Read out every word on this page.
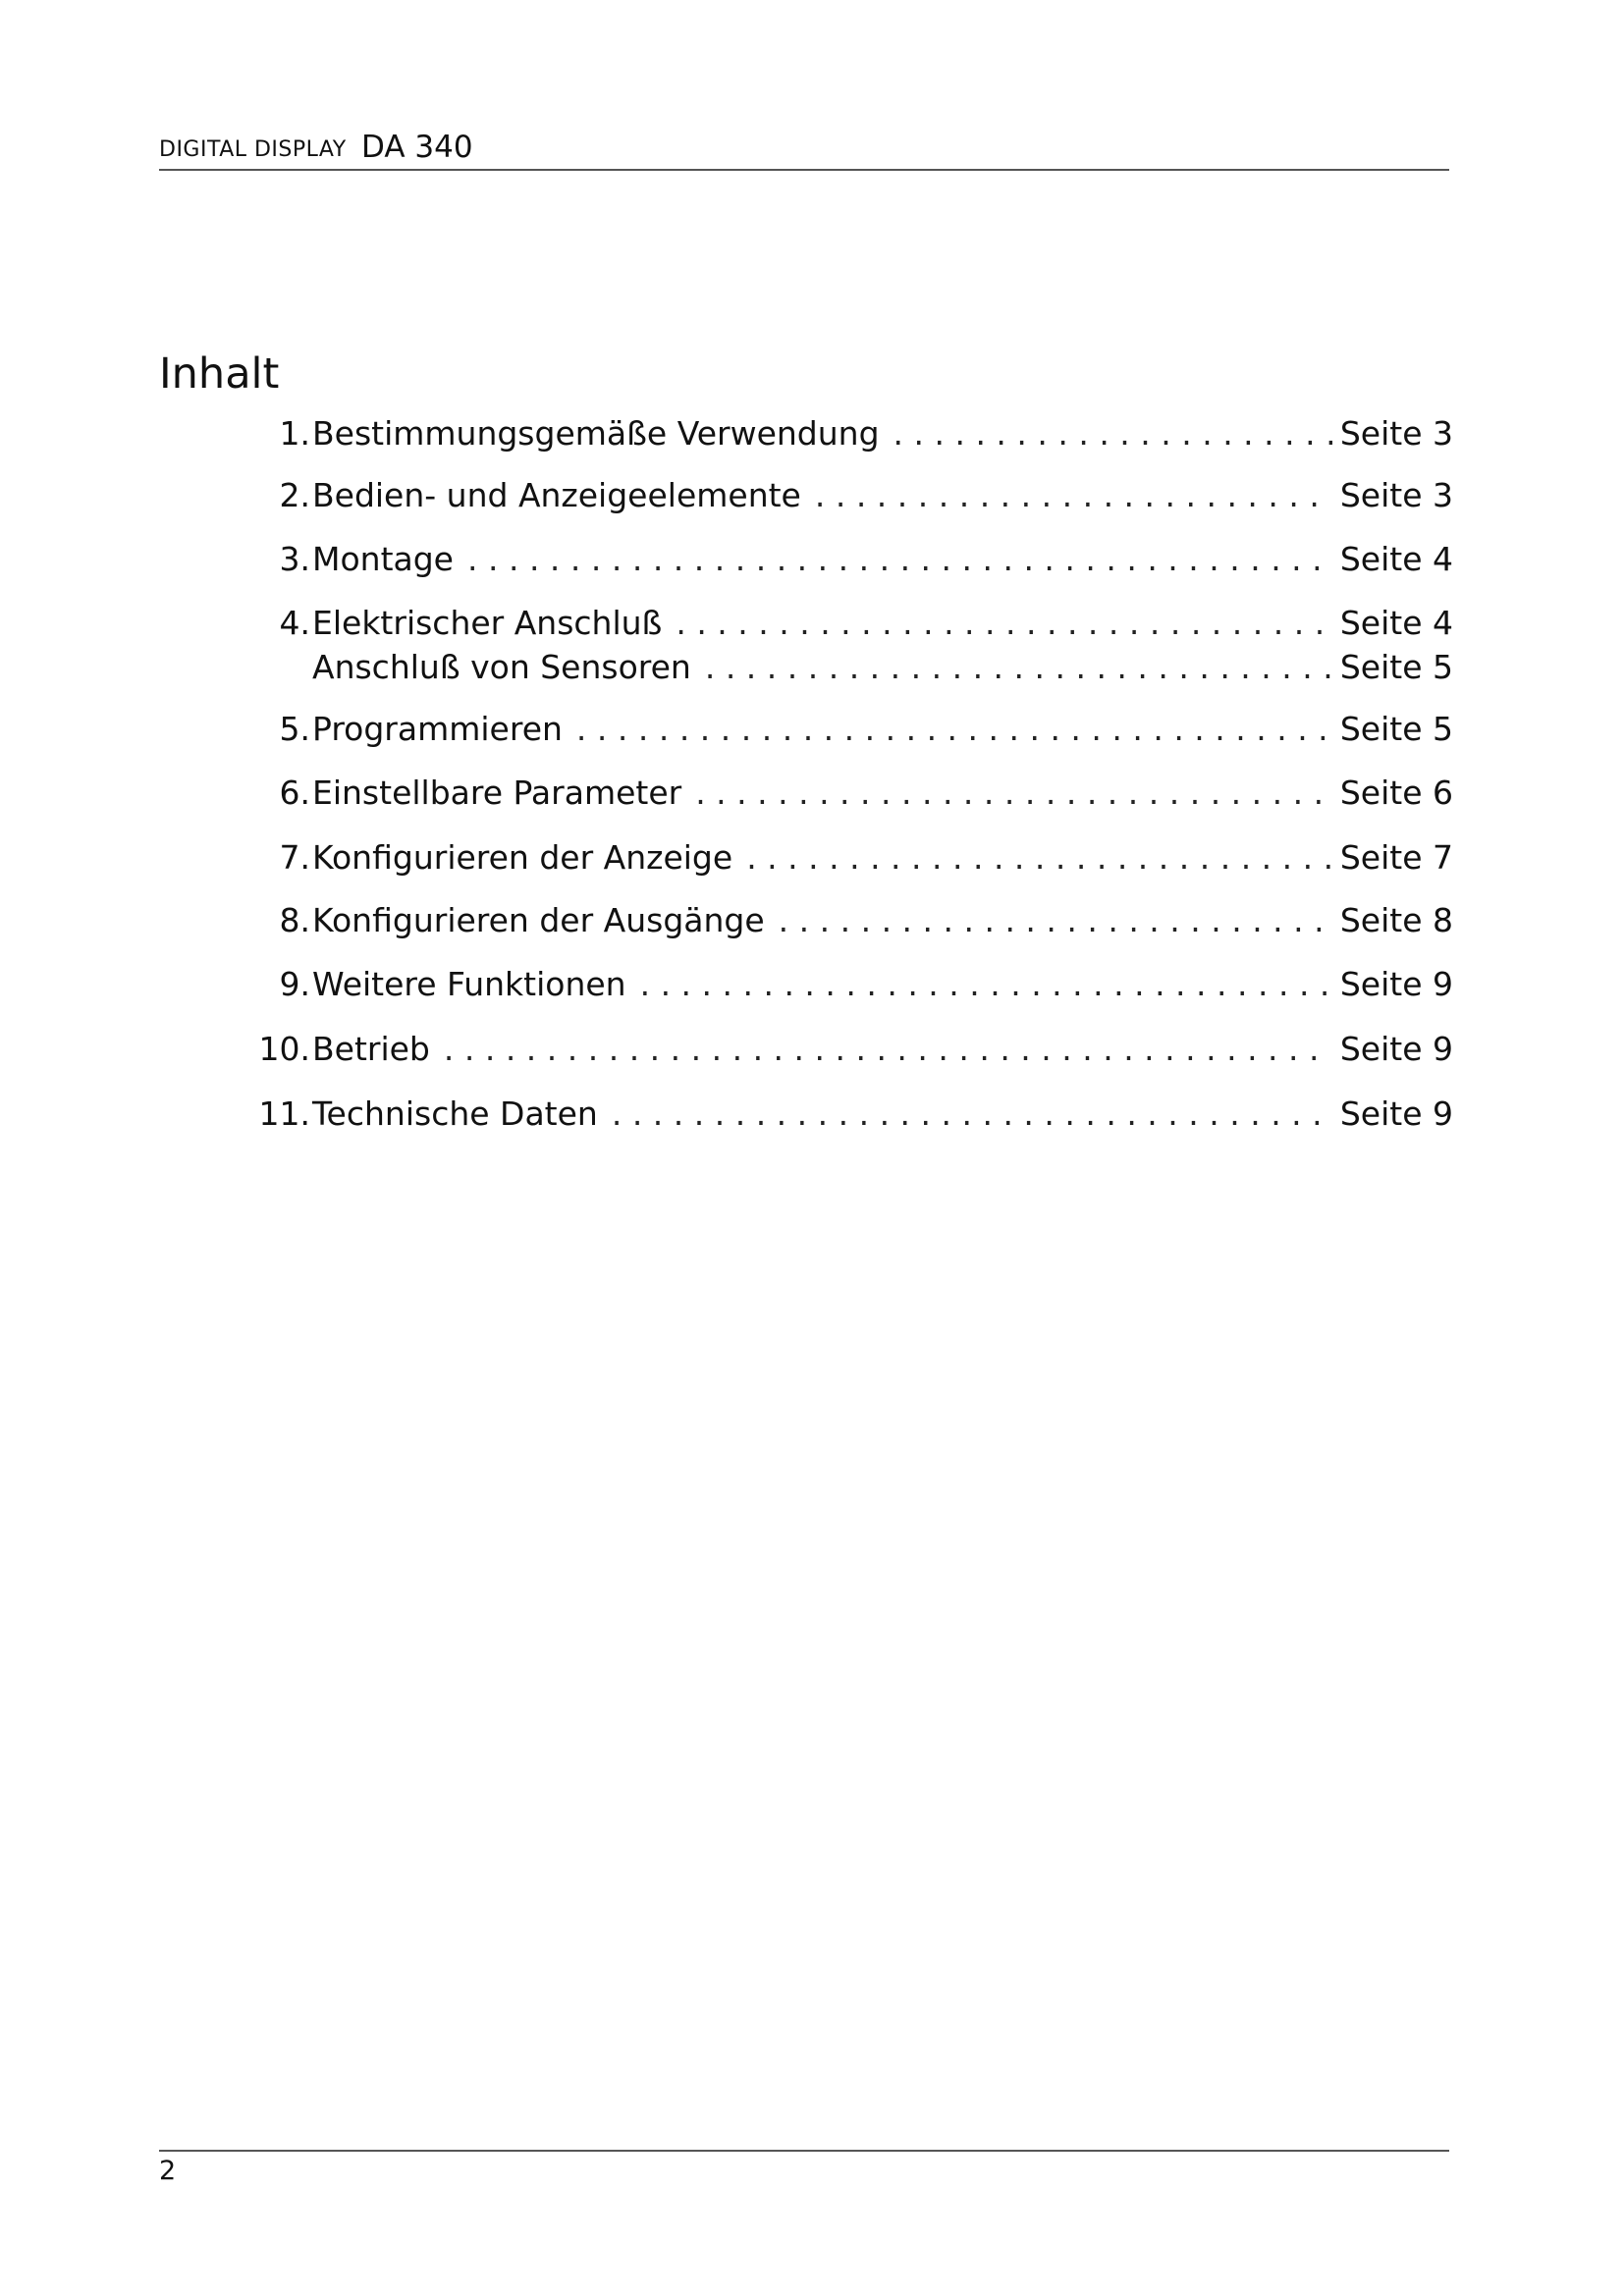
DIGITAL DISPLAY DA 340
Inhalt
1. Bestimmungsgemäße Verwendung . . .	Seite 3
2. Bedien- und Anzeigeelemente . . .	Seite 3
3. Montage . . .	Seite 4
4. Elektrischer Anschluß . . .	Seite 4
Anschluß von Sensoren . . .	Seite 5
5. Programmieren . . .	Seite 5
6. Einstellbare Parameter . . .	Seite 6
7. Konfigurieren der Anzeige . . .	Seite 7
8. Konfigurieren der Ausgänge . . .	Seite 8
9. Weitere Funktionen . . .	Seite 9
10. Betrieb . . .	Seite 9
11. Technische Daten . . .	Seite 9
2
